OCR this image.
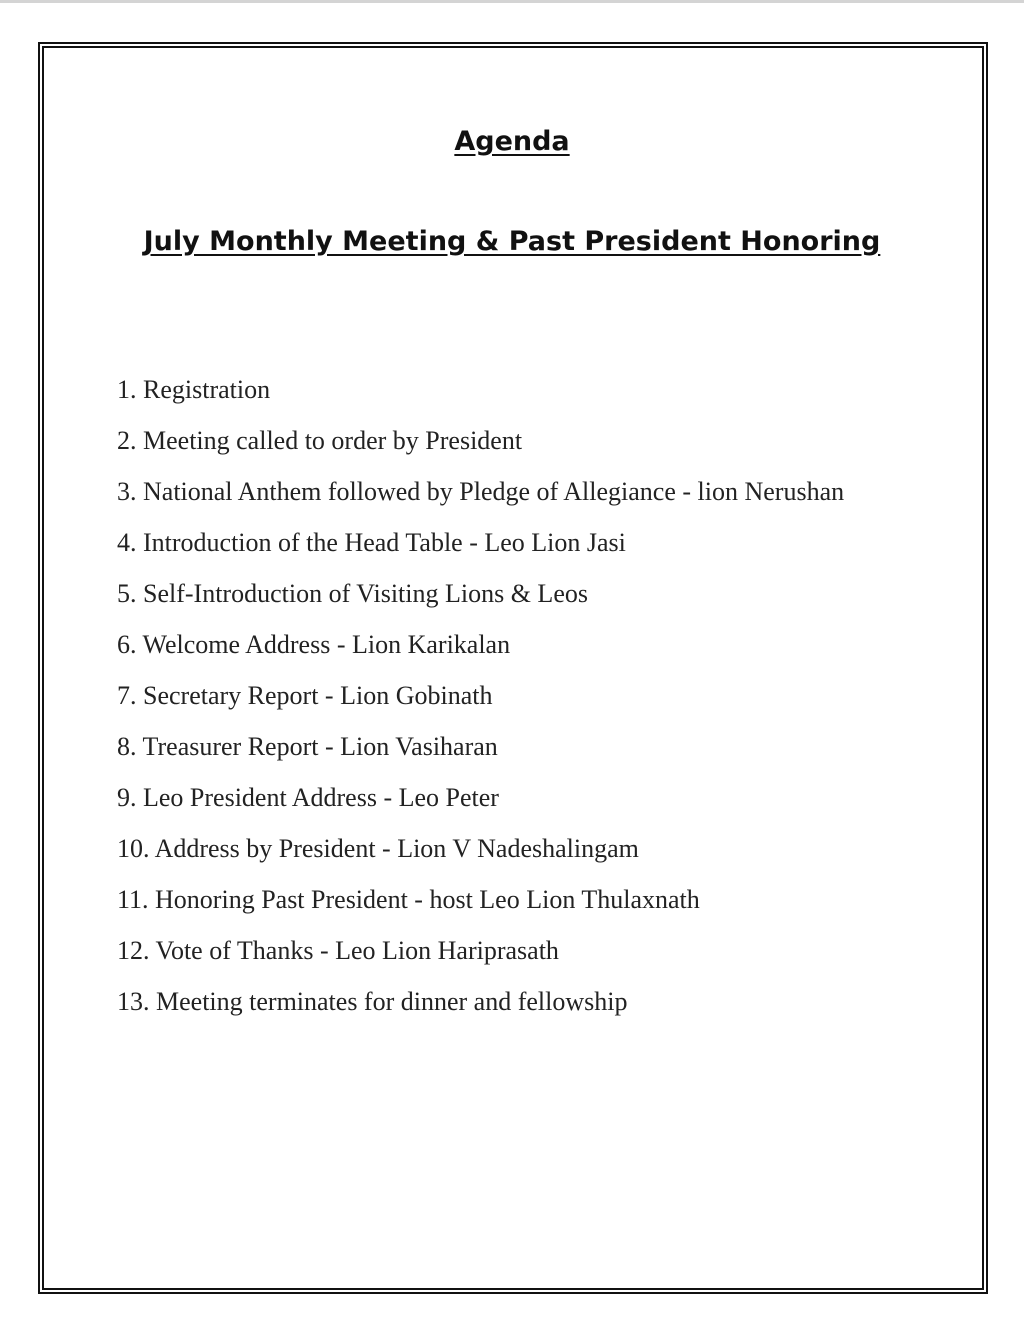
Agenda
July Monthly Meeting & Past President Honoring
1. Registration
2. Meeting called to order by President
3. National Anthem followed by Pledge of Allegiance - lion Nerushan
4. Introduction of the Head Table - Leo Lion Jasi
5. Self-Introduction of Visiting Lions & Leos
6. Welcome Address - Lion Karikalan
7. Secretary Report - Lion Gobinath
8. Treasurer Report - Lion Vasiharan
9. Leo President Address - Leo Peter
10. Address by President - Lion V Nadeshalingam
11. Honoring Past President - host Leo Lion Thulaxnath
12. Vote of Thanks - Leo Lion Hariprasath
13. Meeting terminates for dinner and fellowship
